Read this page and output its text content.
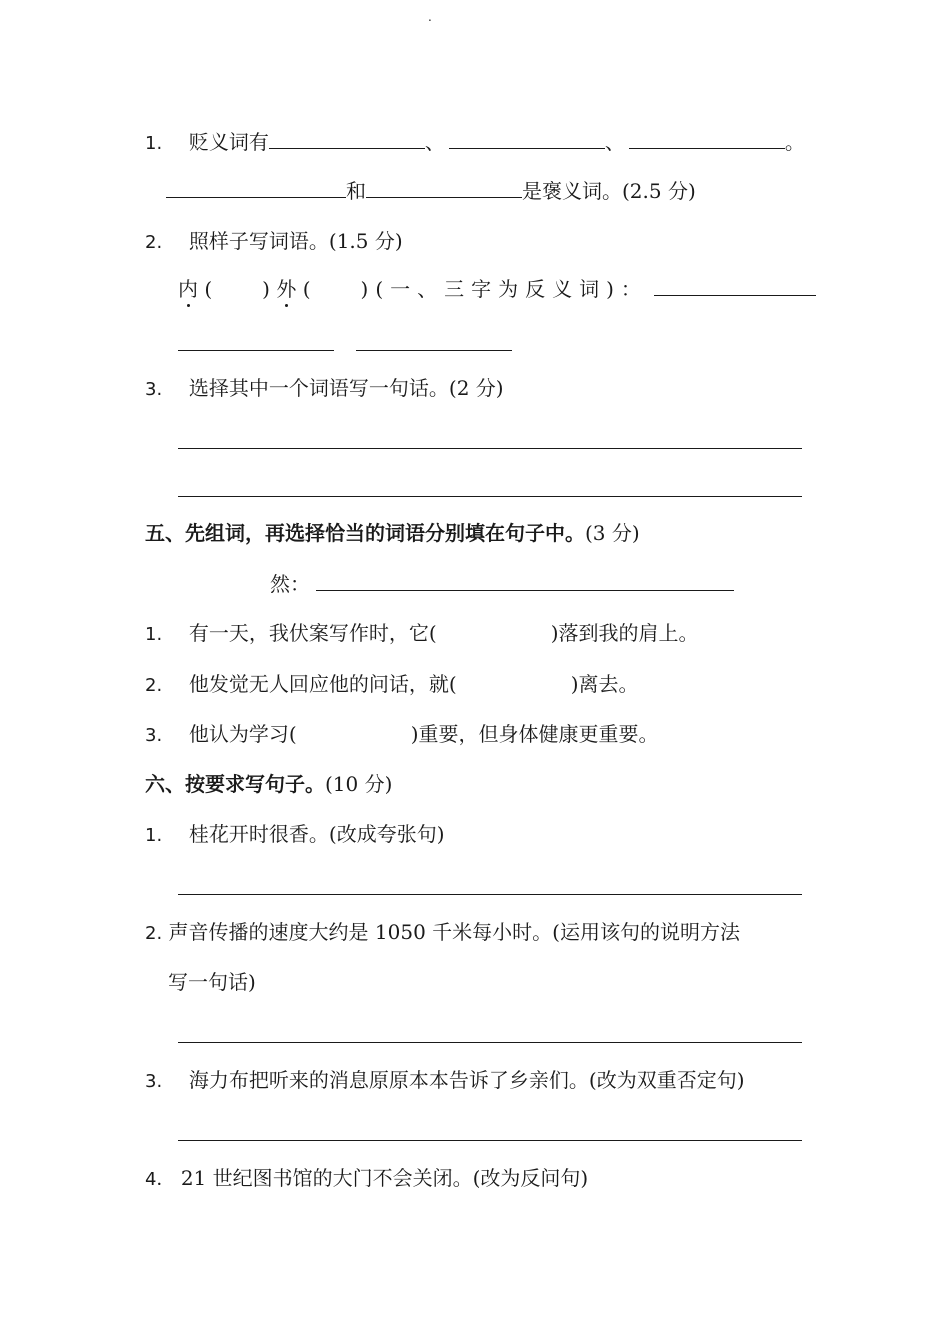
.
1. 贬义词有	、	、	。
和	是褒义词。(2.5 分)
2. 照样子写词语。(1.5 分)
内 (	) 外 (	)(一、三字为反义词)：
3. 选择其中一个词语写一句话。(2 分)
五、先组词，再选择恰当的词语分别填在句子中。(3 分)
然：
1. 有一天，我伏案写作时，它(	)落到我的肩上。
2. 他发觉无人回应他的问话，就(	)离去。
3. 他认为学习(	)重要，但身体健康更重要。
六、按要求写句子。(10 分)
1. 桂花开时很香。(改成夸张句)
2. 声音传播的速度大约是 1050 千米每小时。(运用该句的说明方法
写一句话)
3. 海力布把听来的消息原原本本告诉了乡亲们。(改为双重否定句)
4． 21 世纪图书馆的大门不会关闭。(改为反问句)
